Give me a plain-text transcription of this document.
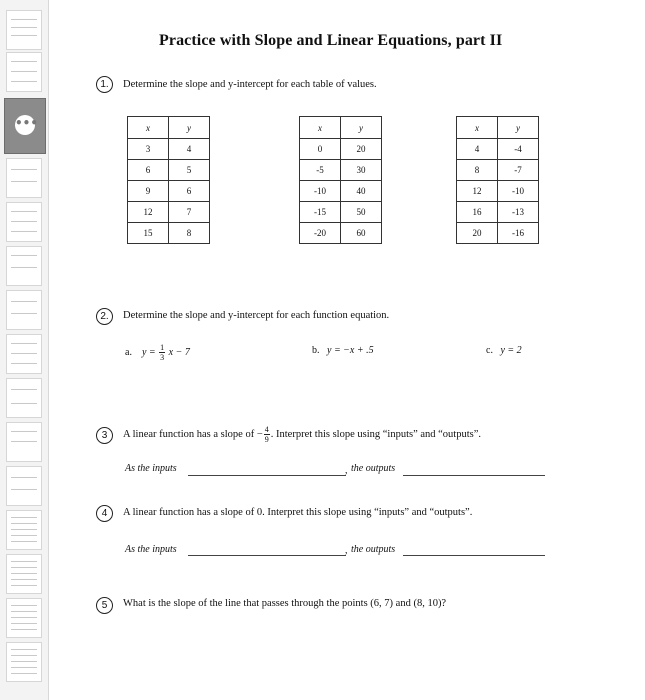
•••
Practice with Slope and Linear Equations, part II
1.	Determine the slope and y-intercept for each table of values.
x	y
3	4
6	5
9	6
12	7
15	8
x	y
0	20
-5	30
-10	40
-15	50
-20	60
x	y
4	-4
8	-7
12	-10
16	-13
20	-16
2.	Determine the slope and y-intercept for each function equation.
a. $y = \frac{1}{3}$ x − 7	b. y = −x + .5	c. y = 2
3	A linear function has a slope of − $\frac{4}{9}$ . Interpret this slope using “inputs” and “outputs”.
As the inputs	, the outputs
4	A linear function has a slope of 0. Interpret this slope using “inputs” and “outputs”.
As the inputs	, the outputs
5	What is the slope of the line that passes through the points (6, 7) and (8, 10)?
